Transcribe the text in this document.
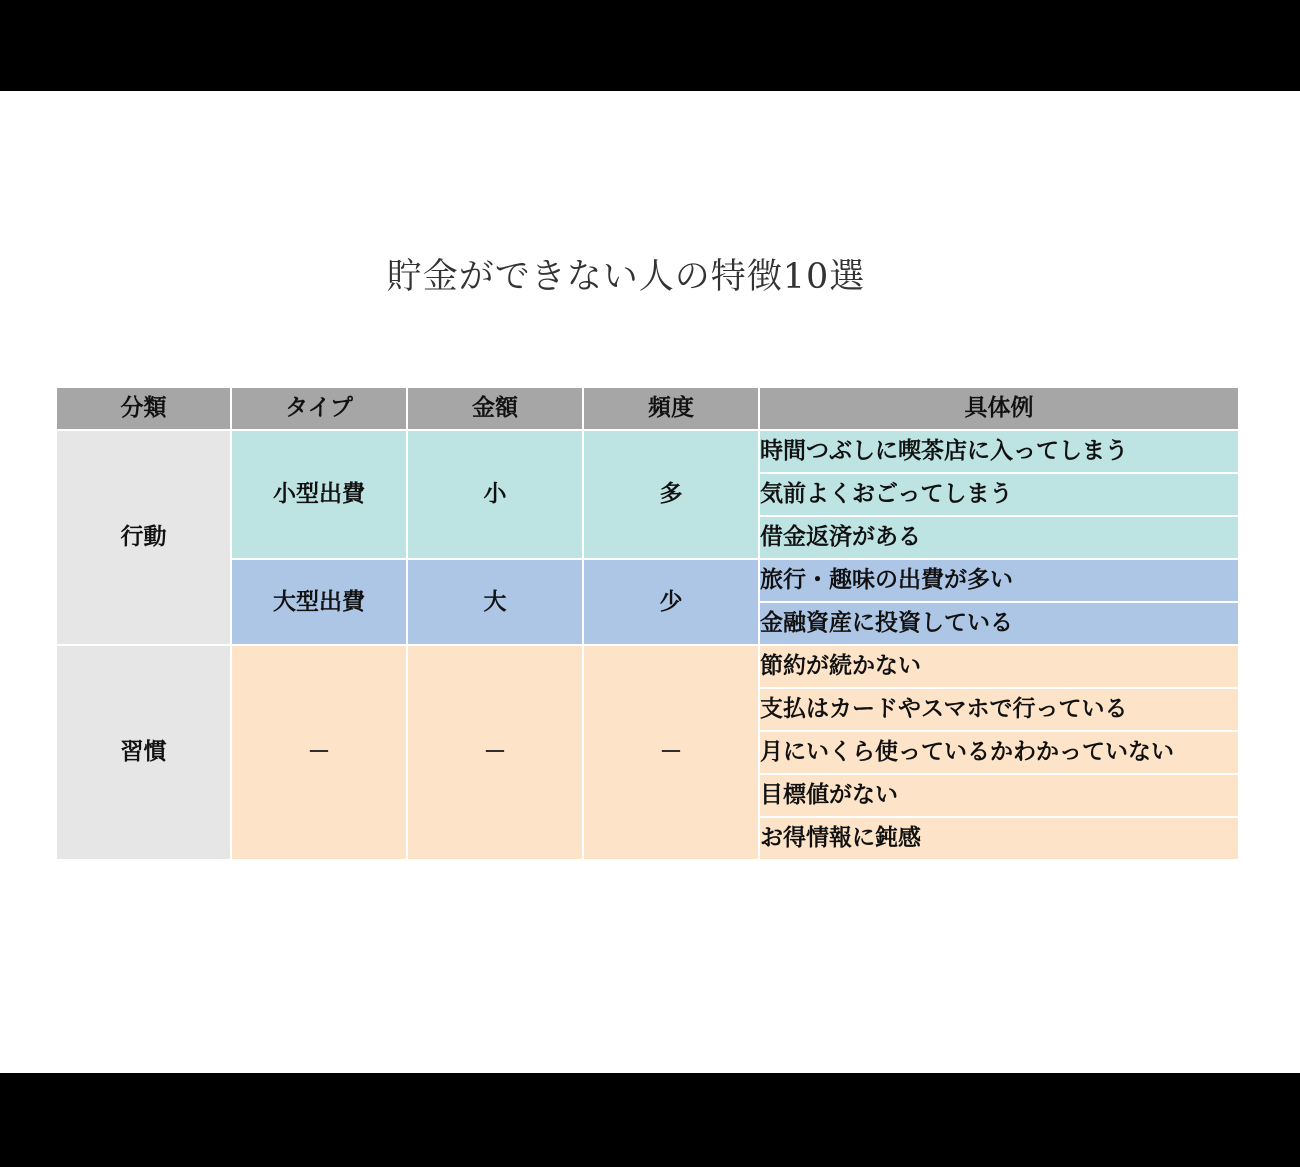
貯金ができない人の特徴10選
分類	タイプ	金額	頻度	具体例
行動	小型出費	小	多	時間つぶしに喫茶店に入ってしまう
				気前よくおごってしまう
				借金返済がある
	大型出費	大	少	旅行・趣味の出費が多い
				金融資産に投資している
習慣	－	－	－	節約が続かない
				支払はカードやスマホで行っている
				月にいくら使っているかわかっていない
				目標値がない
				お得情報に鈍感
